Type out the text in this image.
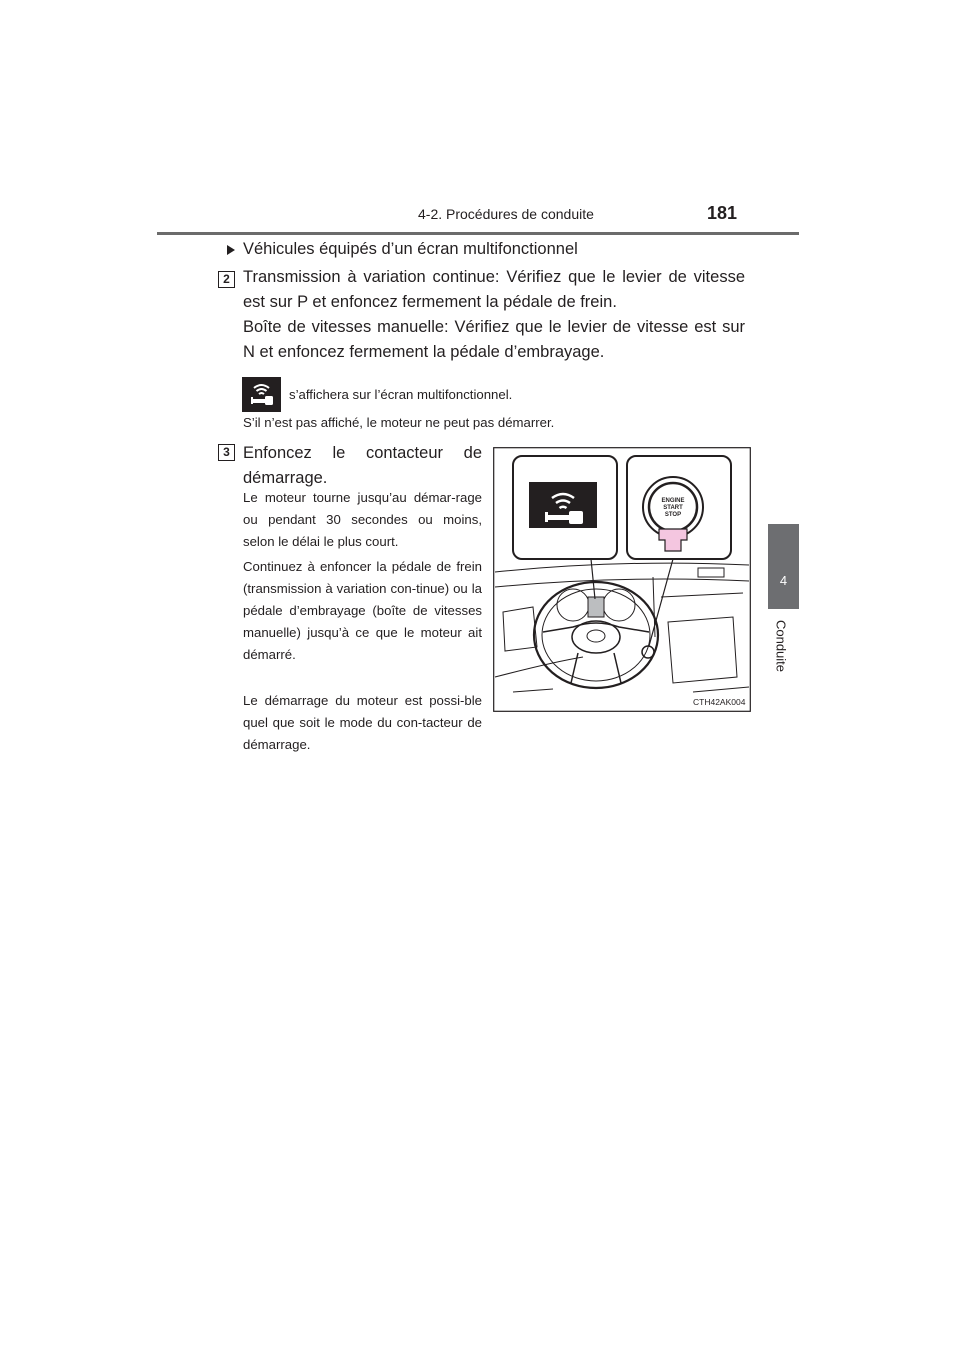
4-2. Procédures de conduite	181
4
Conduite
Véhicules équipés d’un écran multifonctionnel
2 Transmission à variation continue: Vérifiez que le levier de vitesse est sur P et enfoncez fermement la pédale de frein.
Boîte de vitesses manuelle: Vérifiez que le levier de vitesse est sur N et enfoncez fermement la pédale d’embrayage.
s’affichera sur l’écran multifonctionnel.
S’il n’est pas affiché, le moteur ne peut pas démarrer.
3 Enfoncez le contacteur de
démarrage.
Le moteur tourne jusqu’au démar-rage ou pendant 30 secondes ou moins, selon le délai le plus court.
Continuez à enfoncer la pédale de frein (transmission à variation con-tinue) ou la pédale d’embrayage (boîte de vitesses manuelle) jusqu’à ce que le moteur ait démarré.
Le démarrage du moteur est possi-ble quel que soit le mode du con-tacteur de démarrage.
ENGINE
START
STOP
CTH42AK004
